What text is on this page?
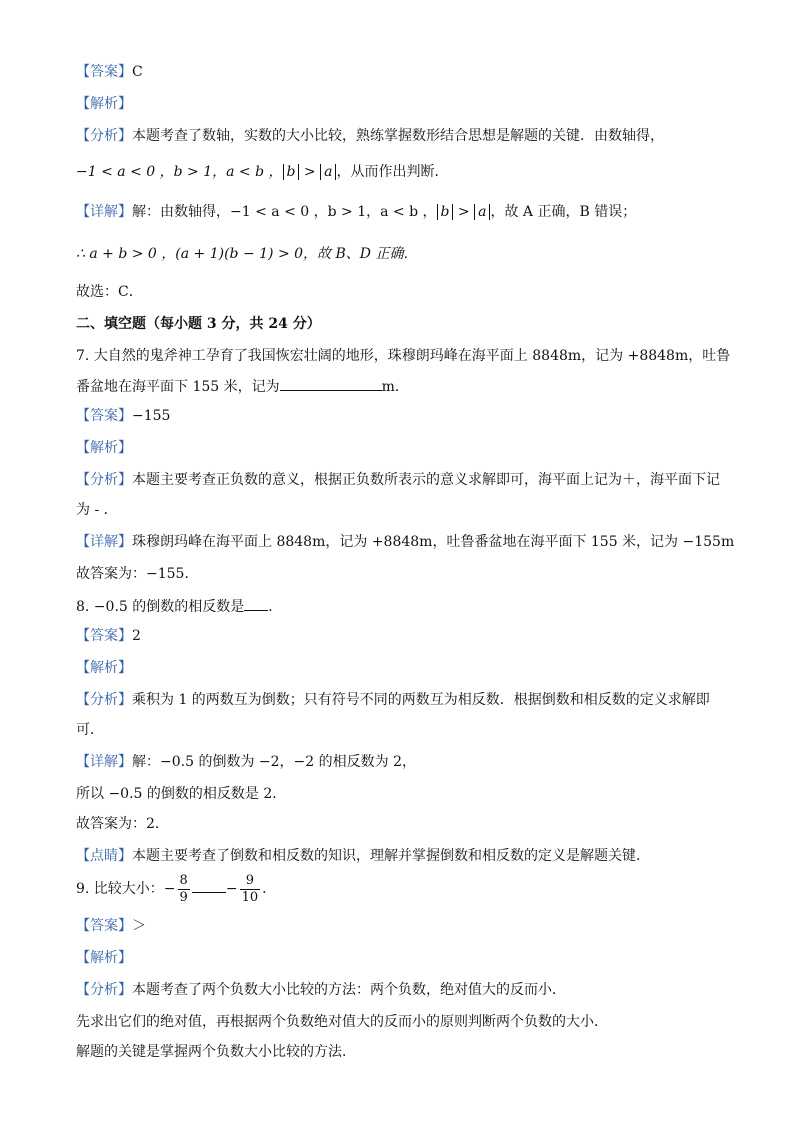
【答案】C
【解析】
【分析】本题考查了数轴，实数的大小比较，熟练掌握数形结合思想是解题的关键．由数轴得，
−1 < a < 0 ，b > 1，a < b ， b > a ，从而作出判断．
【详解】解：由数轴得，−1 < a < 0 ，b > 1，a < b ， b > a ，故 A 正确，B 错误；
∴ a + b > 0 ，(a + 1)(b − 1) > 0，故 B、D 正确．
故选：C．
二、填空题（每小题 3 分，共 24 分）
7. 大自然的鬼斧神工孕育了我国恢宏壮阔的地形，珠穆朗玛峰在海平面上 8848m，记为 +8848m，吐鲁
番盆地在海平面下 155 米，记为	m．
【答案】−155
【解析】
【分析】本题主要考查正负数的意义，根据正负数所表示的意义求解即可，海平面上记为＋，海平面下记
为 - ．
【详解】珠穆朗玛峰在海平面上 8848m，记为 +8848m，吐鲁番盆地在海平面下 155 米，记为 −155m
故答案为：−155．
8. −0.5 的倒数的相反数是 ．
【答案】2
【解析】
【分析】乘积为 1 的两数互为倒数；只有符号不同的两数互为相反数．根据倒数和相反数的定义求解即
可．
【详解】解：−0.5 的倒数为 −2，−2 的相反数为 2，
所以 −0.5 的倒数的相反数是 2．
故答案为：2．
【点睛】本题主要考查了倒数和相反数的知识，理解并掌握倒数和相反数的定义是解题关键．
9. 比较大小：− $\frac{8}{9}$	− $\frac{9}{10}$ ．
【答案】＞
【解析】
【分析】本题考查了两个负数大小比较的方法：两个负数，绝对值大的反而小．
先求出它们的绝对值，再根据两个负数绝对值大的反而小的原则判断两个负数的大小．
解题的关键是掌握两个负数大小比较的方法．
